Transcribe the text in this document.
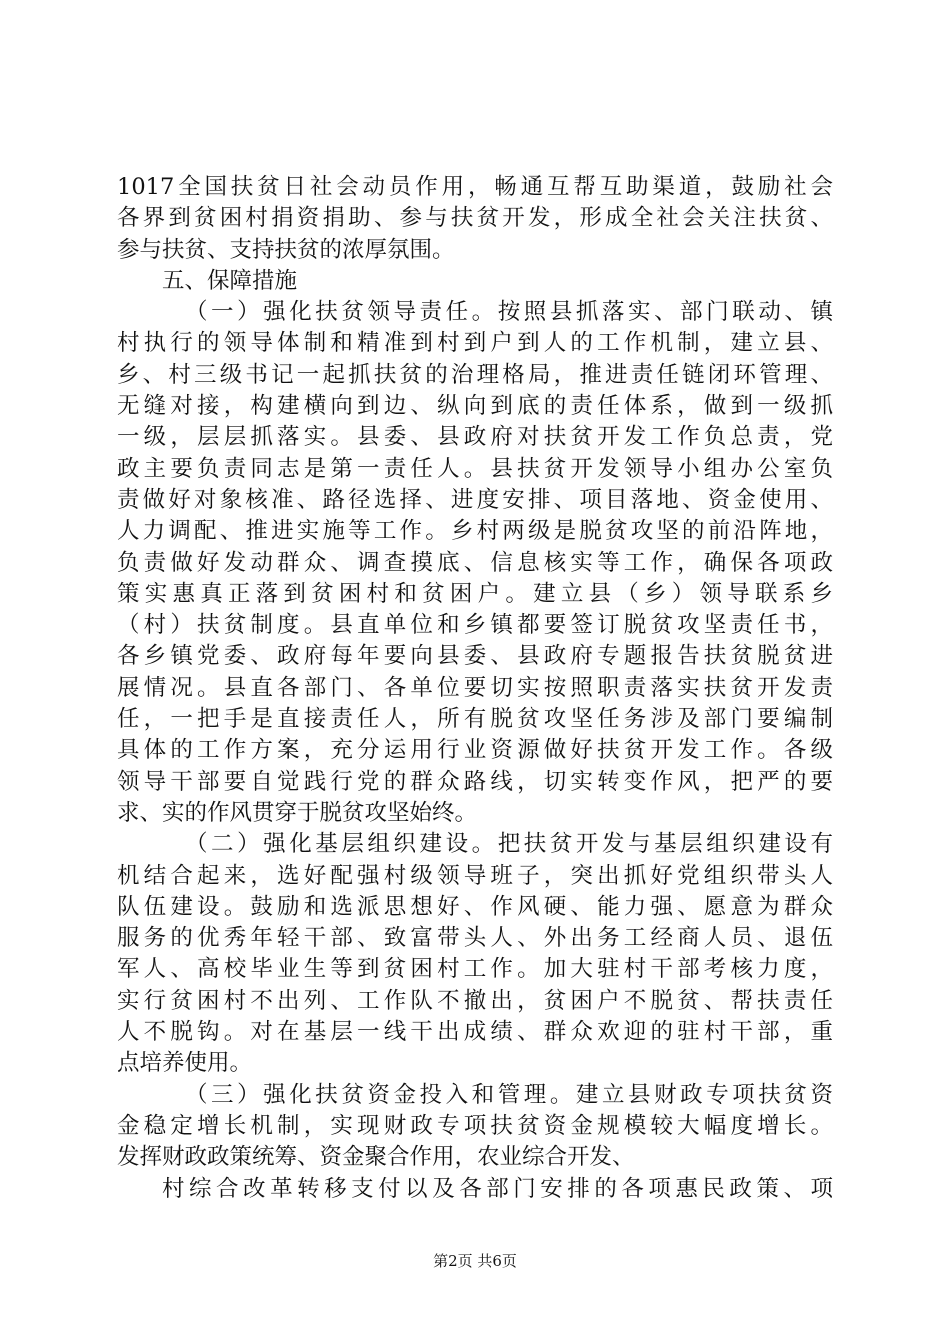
1017全国扶贫日社会动员作用，畅通互帮互助渠道，鼓励社会
各界到贫困村捐资捐助、参与扶贫开发，形成全社会关注扶贫、
参与扶贫、支持扶贫的浓厚氛围。
五、保障措施
（一）强化扶贫领导责任。按照县抓落实、部门联动、镇
村执行的领导体制和精准到村到户到人的工作机制，建立县、
乡、村三级书记一起抓扶贫的治理格局，推进责任链闭环管理、
无缝对接，构建横向到边、纵向到底的责任体系，做到一级抓
一级，层层抓落实。县委、县政府对扶贫开发工作负总责，党
政主要负责同志是第一责任人。县扶贫开发领导小组办公室负
责做好对象核准、路径选择、进度安排、项目落地、资金使用、
人力调配、推进实施等工作。乡村两级是脱贫攻坚的前沿阵地，
负责做好发动群众、调查摸底、信息核实等工作，确保各项政
策实惠真正落到贫困村和贫困户。建立县（乡）领导联系乡
（村）扶贫制度。县直单位和乡镇都要签订脱贫攻坚责任书，
各乡镇党委、政府每年要向县委、县政府专题报告扶贫脱贫进
展情况。县直各部门、各单位要切实按照职责落实扶贫开发责
任，一把手是直接责任人，所有脱贫攻坚任务涉及部门要编制
具体的工作方案，充分运用行业资源做好扶贫开发工作。各级
领导干部要自觉践行党的群众路线，切实转变作风，把严的要
求、实的作风贯穿于脱贫攻坚始终。
（二）强化基层组织建设。把扶贫开发与基层组织建设有
机结合起来，选好配强村级领导班子，突出抓好党组织带头人
队伍建设。鼓励和选派思想好、作风硬、能力强、愿意为群众
服务的优秀年轻干部、致富带头人、外出务工经商人员、退伍
军人、高校毕业生等到贫困村工作。加大驻村干部考核力度，
实行贫困村不出列、工作队不撤出，贫困户不脱贫、帮扶责任
人不脱钩。对在基层一线干出成绩、群众欢迎的驻村干部，重
点培养使用。
（三）强化扶贫资金投入和管理。建立县财政专项扶贫资
金稳定增长机制，实现财政专项扶贫资金规模较大幅度增长。
发挥财政政策统筹、资金聚合作用，农业综合开发、
村综合改革转移支付以及各部门安排的各项惠民政策、项
第2页 共6页
